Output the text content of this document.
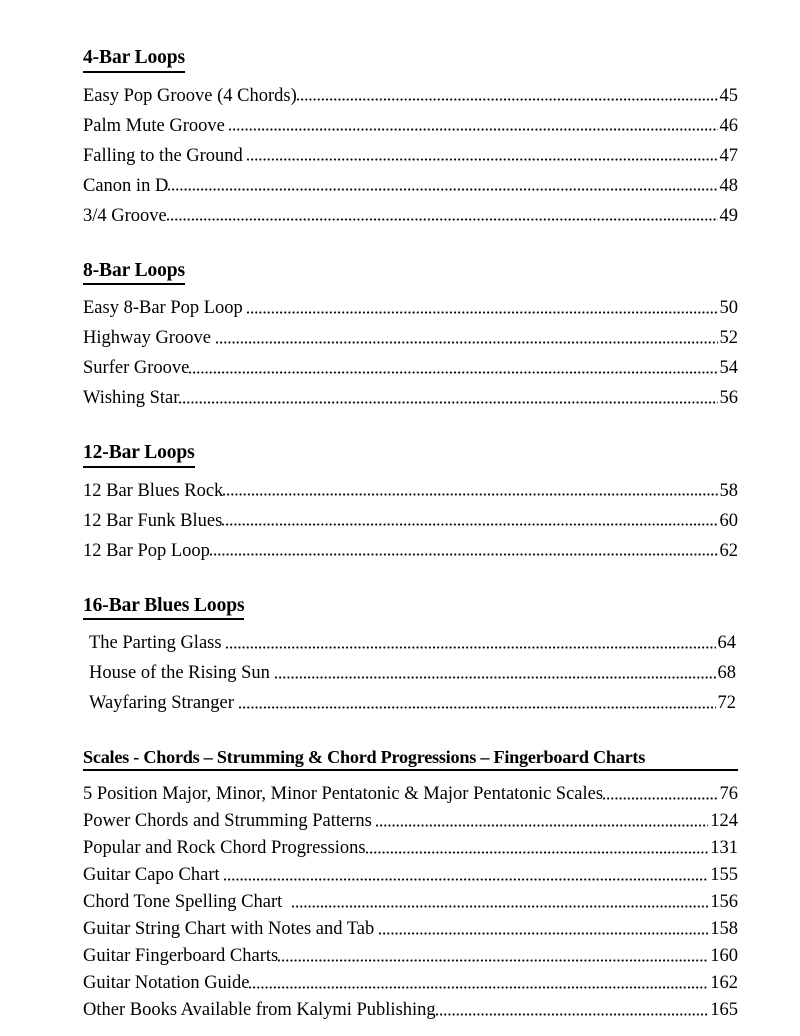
4-Bar Loops
Easy Pop Groove (4 Chords)	45
Palm Mute Groove	46
Falling to the Ground	47
Canon in D	48
3/4 Groove	49
8-Bar Loops
Easy 8-Bar Pop Loop	50
Highway Groove	52
Surfer Groove	54
Wishing Star	56
12-Bar Loops
12 Bar Blues Rock	58
12 Bar Funk Blues	60
12 Bar Pop Loop	62
16-Bar Blues Loops
The Parting Glass	64
House of the Rising Sun	68
Wayfaring Stranger	72
Scales - Chords – Strumming & Chord Progressions – Fingerboard Charts
5 Position Major, Minor, Minor Pentatonic & Major Pentatonic Scales	76
Power Chords and Strumming Patterns	124
Popular and Rock Chord Progressions	131
Guitar Capo Chart	155
Chord Tone Spelling Chart	156
Guitar String Chart with Notes and Tab	158
Guitar Fingerboard Charts	160
Guitar Notation Guide	162
Other Books Available from Kalymi Publishing	165
